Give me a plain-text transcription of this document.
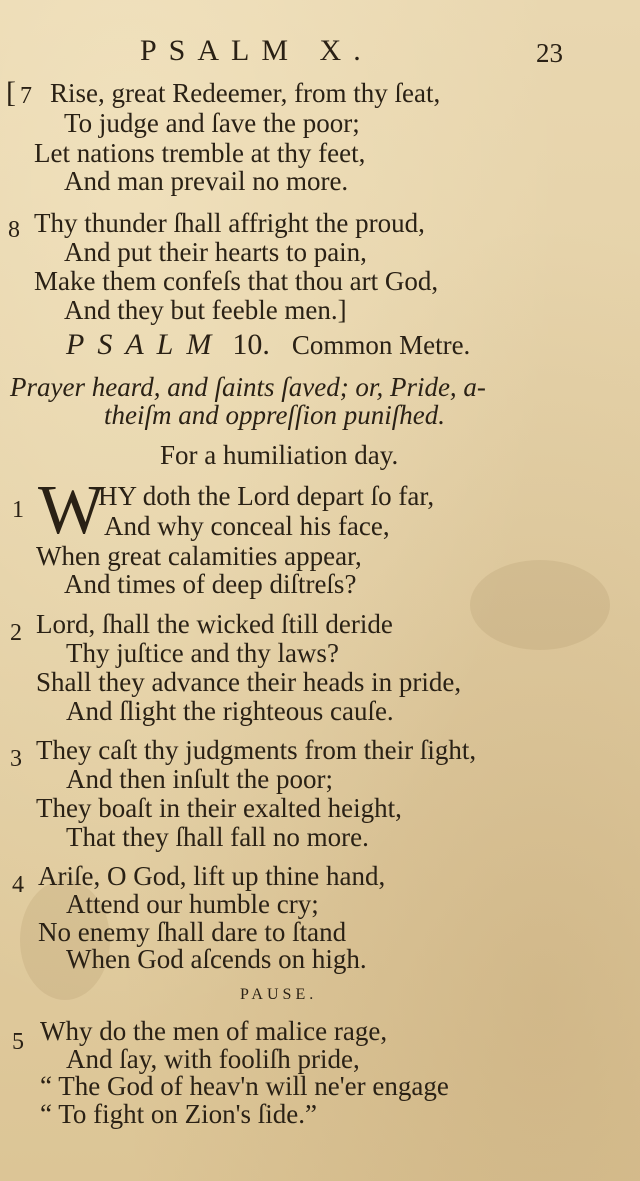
PSALM X.	23
[ 7 Rise, great Redeemer, from thy ſeat,
To judge and ſave the poor;
Let nations tremble at thy feet,
And man prevail no more.
8 Thy thunder ſhall affright the proud,
And put their hearts to pain,
Make them confeſs that thou art God,
And they but feeble men.]
PSALM 10. Common Metre.
Prayer heard, and ſaints ſaved; or, Pride, a-
theiſm and oppreſſion puniſhed.
For a humiliation day.
1 W
HY doth the Lord depart ſo far,
And why conceal his face,
When great calamities appear,
And times of deep diſtreſs?
2 Lord, ſhall the wicked ſtill deride
Thy juſtice and thy laws?
Shall they advance their heads in pride,
And ſlight the righteous cauſe.
3 They caſt thy judgments from their ſight,
And then inſult the poor;
They boaſt in their exalted height,
That they ſhall fall no more.
4 Ariſe, O God, lift up thine hand,
Attend our humble cry;
No enemy ſhall dare to ſtand
When God aſcends on high.
PAUSE.
5 Why do the men of malice rage,
And ſay, with fooliſh pride,
“ The God of heav'n will ne'er engage
“ To fight on Zion's ſide.”
